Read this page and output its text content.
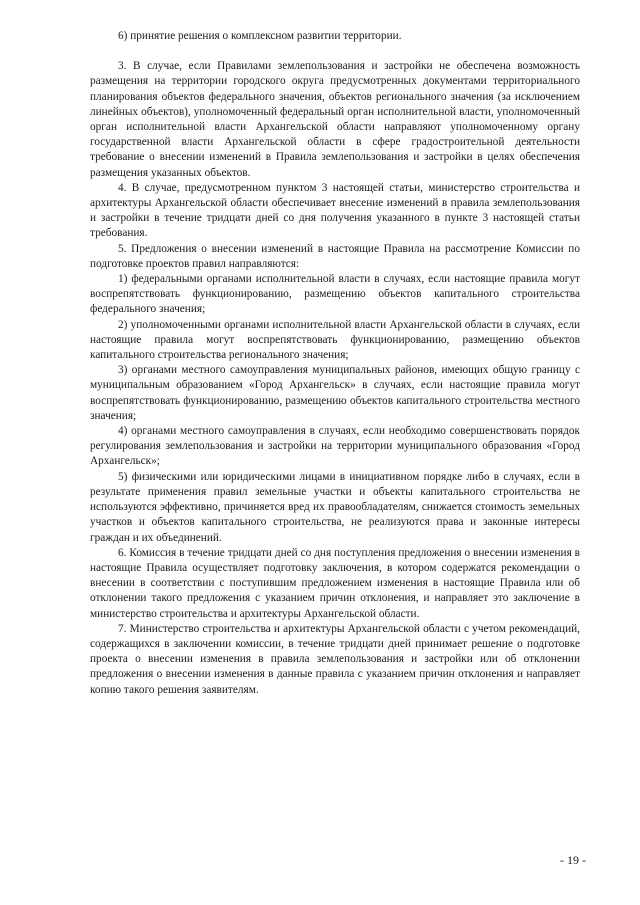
6) принятие решения о комплексном развитии территории.

3. В случае, если Правилами землепользования и застройки не обеспечена возможность размещения на территории городского округа предусмотренных документами территориального планирования объектов федерального значения, объектов регионального значения (за исключением линейных объектов), уполномоченный федеральный орган исполнительной власти, уполномоченный орган исполнительной власти Архангельской области направляют уполномоченному органу государственной власти Архангельской области в сфере градостроительной деятельности требование о внесении изменений в Правила землепользования и застройки в целях обеспечения размещения указанных объектов.

4. В случае, предусмотренном пунктом 3 настоящей статьи, министерство строительства и архитектуры Архангельской области обеспечивает внесение изменений в правила землепользования и застройки в течение тридцати дней со дня получения указанного в пункте 3 настоящей статьи требования.

5. Предложения о внесении изменений в настоящие Правила на рассмотрение Комиссии по подготовке проектов правил направляются:

1) федеральными органами исполнительной власти в случаях, если настоящие правила могут воспрепятствовать функционированию, размещению объектов капитального строительства федерального значения;

2) уполномоченными органами исполнительной власти Архангельской области в случаях, если настоящие правила могут воспрепятствовать функционированию, размещению объектов капитального строительства регионального значения;

3) органами местного самоуправления муниципальных районов, имеющих общую границу с муниципальным образованием «Город Архангельск» в случаях, если настоящие правила могут воспрепятствовать функционированию, размещению объектов капитального строительства местного значения;

4) органами местного самоуправления в случаях, если необходимо совершенствовать порядок регулирования землепользования и застройки на территории муниципального образования «Город Архангельск»;

5) физическими или юридическими лицами в инициативном порядке либо в случаях, если в результате применения правил земельные участки и объекты капитального строительства не используются эффективно, причиняется вред их правообладателям, снижается стоимость земельных участков и объектов капитального строительства, не реализуются права и законные интересы граждан и их объединений.

6. Комиссия в течение тридцати дней со дня поступления предложения о внесении изменения в настоящие Правила осуществляет подготовку заключения, в котором содержатся рекомендации о внесении в соответствии с поступившим предложением изменения в настоящие Правила или об отклонении такого предложения с указанием причин отклонения, и направляет это заключение в министерство строительства и архитектуры Архангельской области.

7. Министерство строительства и архитектуры Архангельской области с учетом рекомендаций, содержащихся в заключении комиссии, в течение тридцати дней принимает решение о подготовке проекта о внесении изменения в правила землепользования и застройки или об отклонении предложения о внесении изменения в данные правила с указанием причин отклонения и направляет копию такого решения заявителям.

- 19 -
